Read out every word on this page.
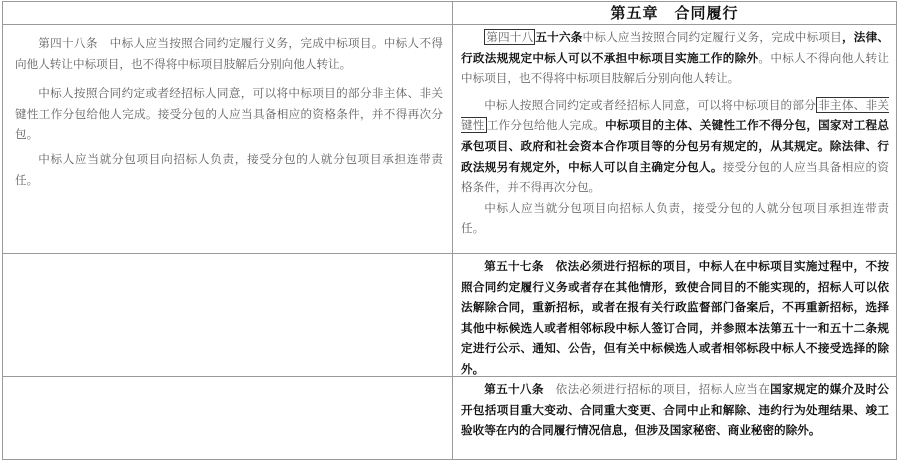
第五章　合同履行

第四十八条　中标人应当按照合同约定履行义务，完成中标项目。中标人不得向他人转让中标项目，也不得将中标项目肢解后分别向他人转让。

中标人按照合同约定或者经招标人同意，可以将中标项目的部分非主体、非关键性工作分包给他人完成。接受分包的人应当具备相应的资格条件，并不得再次分包。

中标人应当就分包项目向招标人负责，接受分包的人就分包项目承担连带责任。

第四十八 五十六条中标人应当按照合同约定履行义务，完成中标项目，法律、行政法规规定中标人可以不承担中标项目实施工作的除外。中标人不得向他人转让中标项目，也不得将中标项目肢解后分别向他人转让。

中标人按照合同约定或者经招标人同意，可以将中标项目的部分 非主体、非关键性 工作分包给他人完成。中标项目的主体、关键性工作不得分包，国家对工程总承包项目、政府和社会资本合作项目等的分包另有规定的，从其规定。除法律、行政法规另有规定外，中标人可以自主确定分包人。接受分包的人应当具备相应的资格条件，并不得再次分包。

中标人应当就分包项目向招标人负责，接受分包的人就分包项目承担连带责任。

第五十七条　依法必须进行招标的项目，中标人在中标项目实施过程中，不按照合同约定履行义务或者存在其他情形，致使合同目的不能实现的，招标人可以依法解除合同，重新招标，或者在报有关行政监督部门备案后，不再重新招标，选择其他中标候选人或者相邻标段中标人签订合同，并参照本法第五十一和五十二条规定进行公示、通知、公告，但有关中标候选人或者相邻标段中标人不接受选择的除外。

第五十八条　依法必须进行招标的项目，招标人应当在国家规定的媒介及时公开包括项目重大变动、合同重大变更、合同中止和解除、违约行为处理结果、竣工验收等在内的合同履行情况信息，但涉及国家秘密、商业秘密的除外。
